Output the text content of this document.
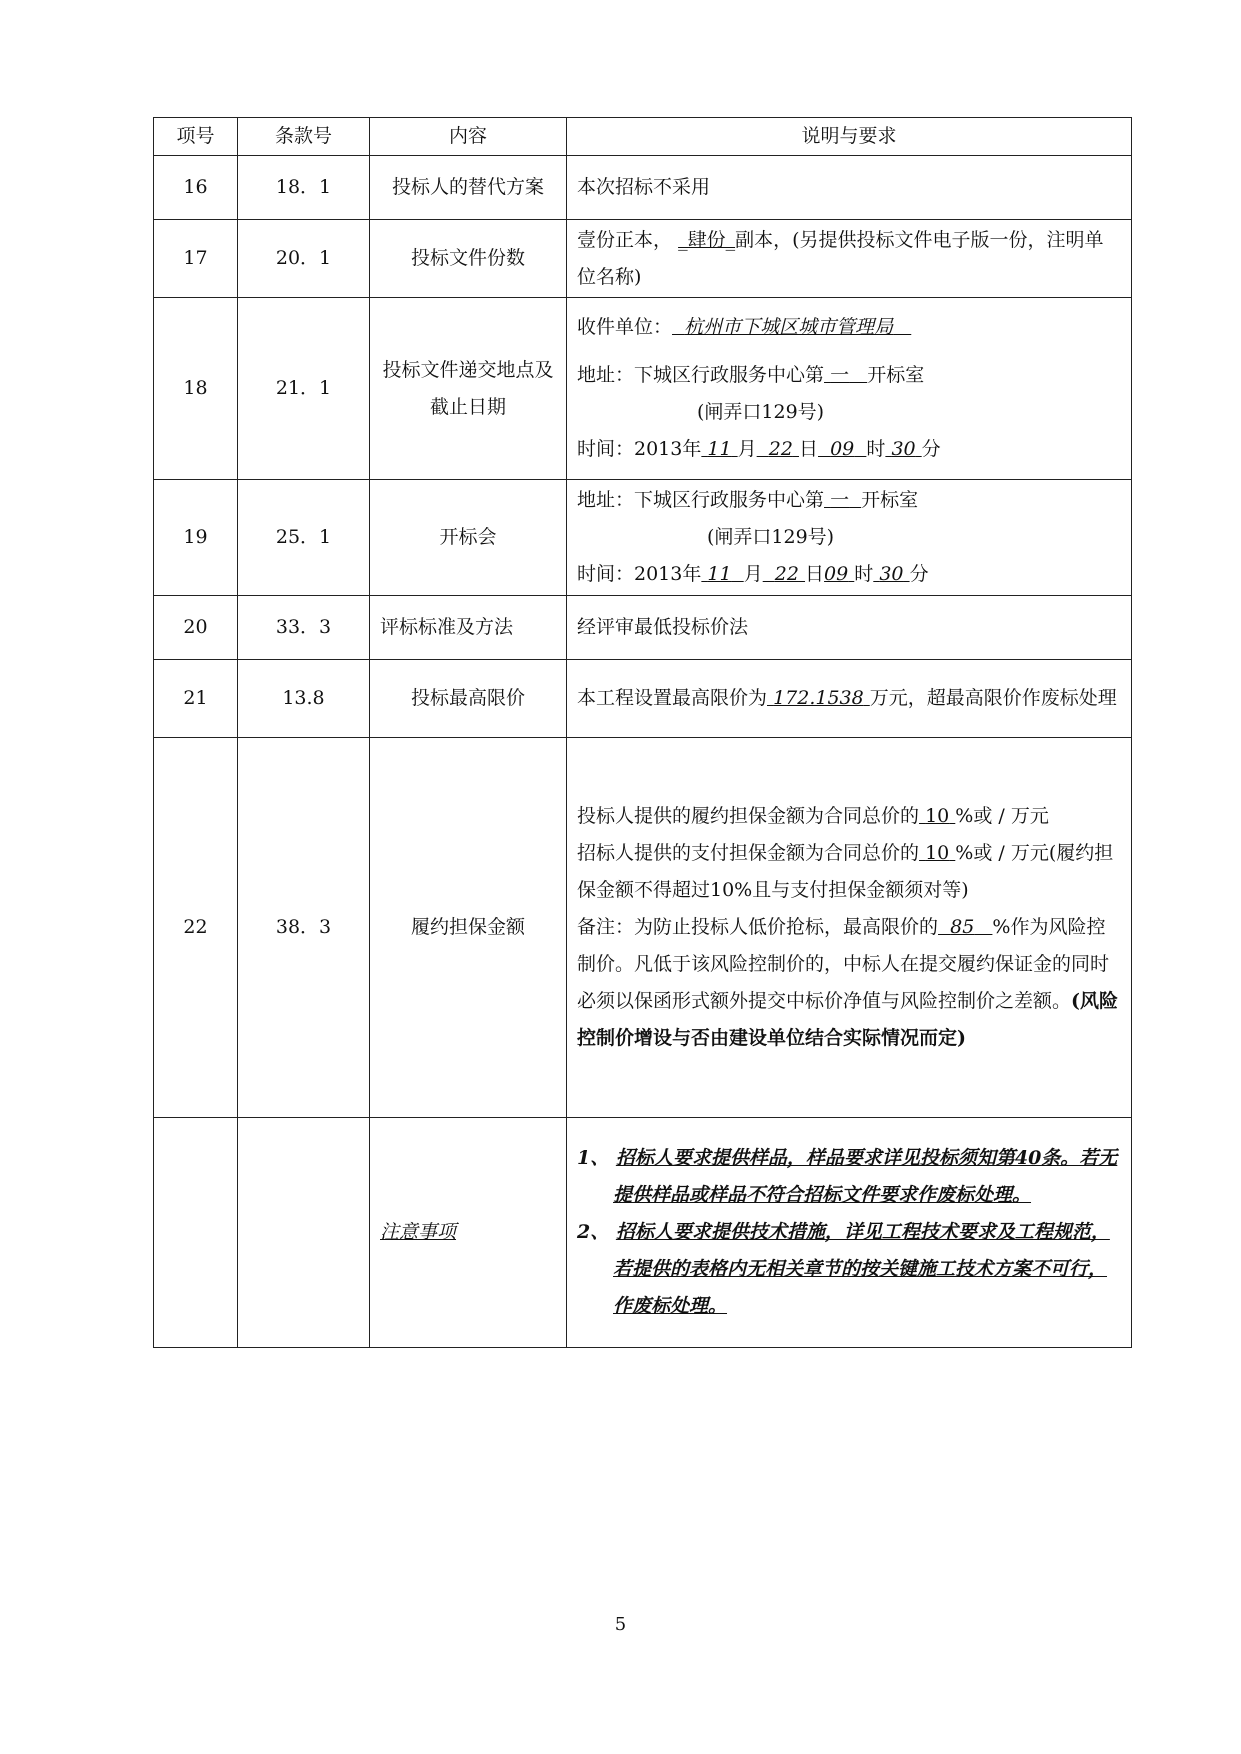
项号	条款号	内容	说明与要求
16	18．1	投标人的替代方案	本次招标不采用
17	20．1	投标文件份数	壹份正本， _肆份_副本，(另提供投标文件电子版一份，注明单位名称)
18	21．1	投标文件递交地点及截止日期	收件单位： 杭州市下城区城市管理局
地址：下城区行政服务中心第 一 开标室
(闸弄口129号)
时间：2013年 11 月 22 日 09 时 30 分

19	25．1	开标会	地址：下城区行政服务中心第 一 开标室
(闸弄口129号)
时间：2013年 11 月 22 日09 时 30 分

20	33．3	评标标准及方法	经评审最低投标价法
21	13.8	投标最高限价	本工程设置最高限价为 172.1538 万元，超最高限价作废标处理
22	38．3	履约担保金额	投标人提供的履约担保金额为合同总价的 10 %或 / 万元
招标人提供的支付担保金额为合同总价的 10 %或 / 万元(履约担保金额不得超过10%且与支付担保金额须对等)
备注：为防止投标人低价抢标，最高限价的 85 %作为风险控制价。凡低于该风险控制价的，中标人在提交履约保证金的同时必须以保函形式额外提交中标价净值与风险控制价之差额。(风险控制价增设与否由建设单位结合实际情况而定)

		注意事项	1、 招标人要求提供样品，样品要求详见投标须知第40条。若无提供样品或样品不符合招标文件要求作废标处理。
2、 招标人要求提供技术措施，详见工程技术要求及工程规范，若提供的表格内无相关章节的按关键施工技术方案不可行，作废标处理。
5
